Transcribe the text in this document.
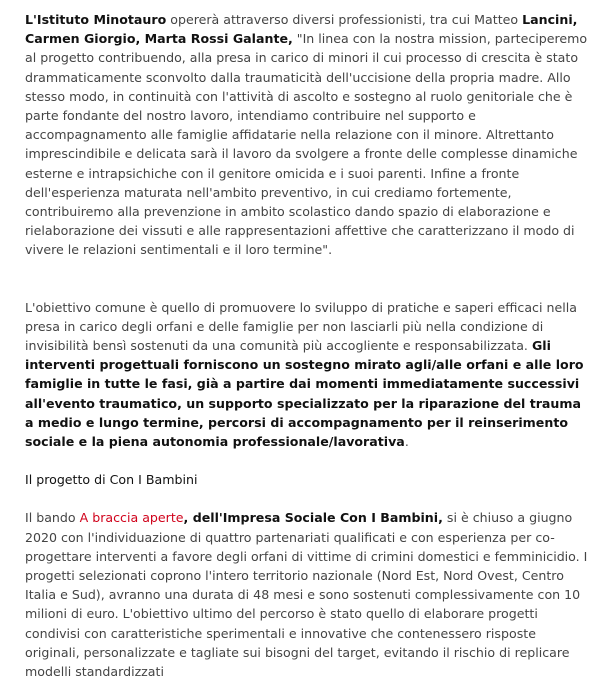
L'Istituto Minotauro opererà attraverso diversi professionisti, tra cui Matteo Lancini, Carmen Giorgio, Marta Rossi Galante, "In linea con la nostra mission, parteciperemo al progetto contribuendo, alla presa in carico di minori il cui processo di crescita è stato drammaticamente sconvolto dalla traumaticità dell'uccisione della propria madre. Allo stesso modo, in continuità con l'attività di ascolto e sostegno al ruolo genitoriale che è parte fondante del nostro lavoro, intendiamo contribuire nel supporto e accompagnamento alle famiglie affidatarie nella relazione con il minore. Altrettanto imprescindibile e delicata sarà il lavoro da svolgere a fronte delle complesse dinamiche esterne e intrapsichiche con il genitore omicida e i suoi parenti. Infine a fronte dell'esperienza maturata nell'ambito preventivo, in cui crediamo fortemente, contribuiremo alla prevenzione in ambito scolastico dando spazio di elaborazione e rielaborazione dei vissuti e alle rappresentazioni affettive che caratterizzano il modo di vivere le relazioni sentimentali e il loro termine".

L'obiettivo comune è quello di promuovere lo sviluppo di pratiche e saperi efficaci nella presa in carico degli orfani e delle famiglie per non lasciarli più nella condizione di invisibilità bensì sostenuti da una comunità più accogliente e responsabilizzata. Gli interventi progettuali forniscono un sostegno mirato agli/alle orfani e alle loro famiglie in tutte le fasi, già a partire dai momenti immediatamente successivi all'evento traumatico, un supporto specializzato per la riparazione del trauma a medio e lungo termine, percorsi di accompagnamento per il reinserimento sociale e la piena autonomia professionale/lavorativa.

Il progetto di Con I Bambini

Il bando A braccia aperte, dell'Impresa Sociale Con I Bambini, si è chiuso a giugno 2020 con l'individuazione di quattro partenariati qualificati e con esperienza per co-progettare interventi a favore degli orfani di vittime di crimini domestici e femminicidio. I progetti selezionati coprono l'intero territorio nazionale (Nord Est, Nord Ovest, Centro Italia e Sud), avranno una durata di 48 mesi e sono sostenuti complessivamente con 10 milioni di euro. L'obiettivo ultimo del percorso è stato quello di elaborare progetti condivisi con caratteristiche sperimentali e innovative che contenessero risposte originali, personalizzate e tagliate sui bisogni del target, evitando il rischio di replicare modelli standardizzati
